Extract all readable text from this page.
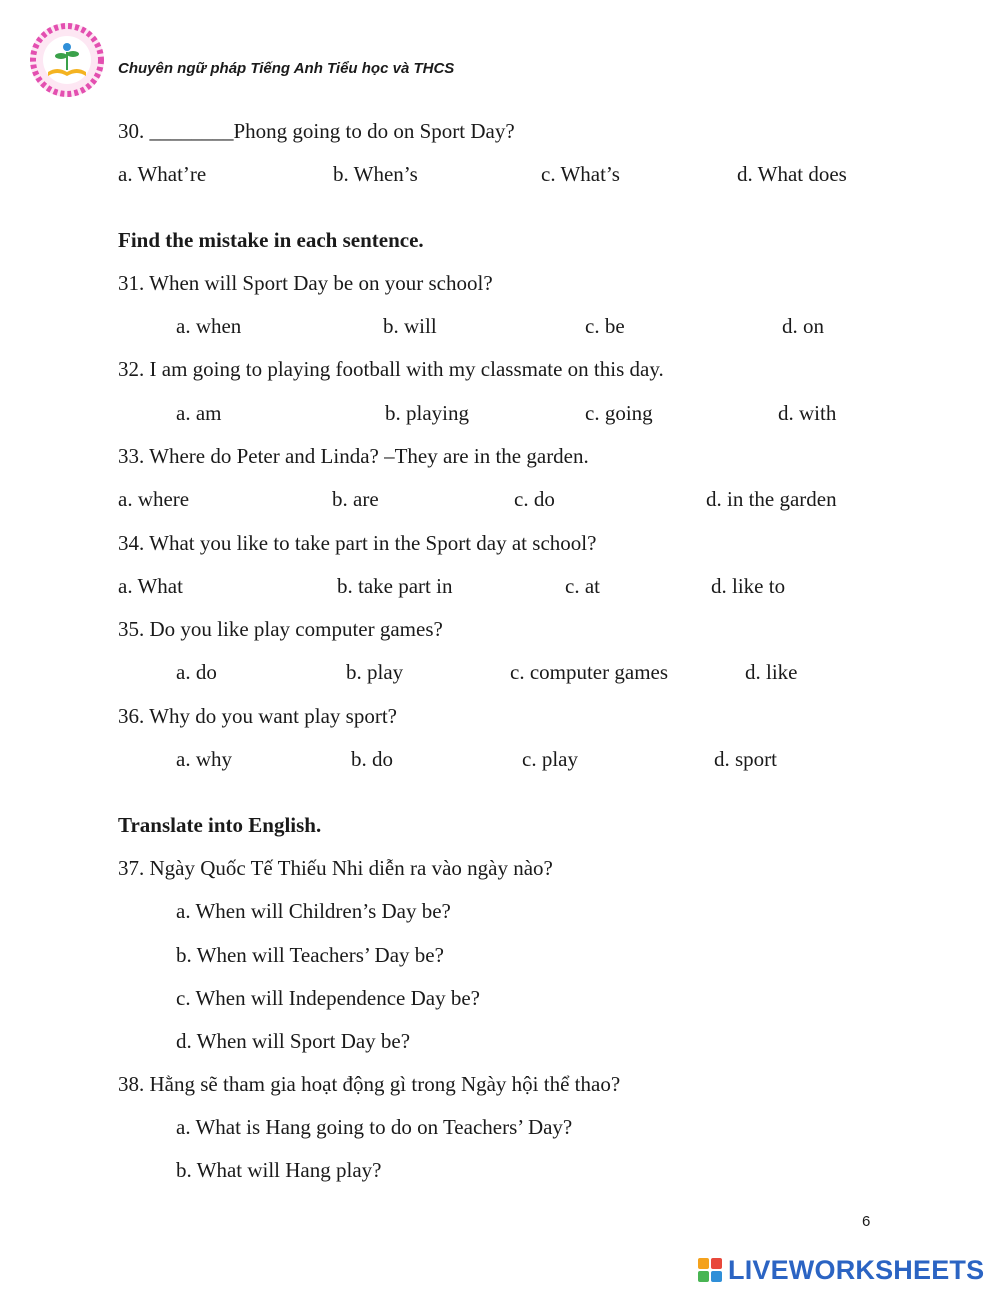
Chuyên ngữ pháp Tiếng Anh Tiểu học và THCS
30. ________Phong going to do on Sport Day?
a. What’re	b. When’s	c. What’s	d. What does
Find the mistake in each sentence.
31. When will Sport Day be on your school?
a. when	b. will	c. be	d. on
32. I am going to playing football with my classmate on this day.
a. am	b. playing	c. going	d. with
33. Where do Peter and Linda? –They are in the garden.
a. where	b. are	c. do	d. in the garden
34. What you like to take part in the Sport day at school?
a. What	b. take part in	c. at	d. like to
35. Do you like play computer games?
a. do	b. play	c. computer games	d. like
36. Why do you want play sport?
a. why	b. do	c. play	d. sport
Translate into English.
37. Ngày Quốc Tế Thiếu Nhi diễn ra vào ngày nào?
a. When will Children’s Day be?
b. When will Teachers’ Day be?
c. When will Independence Day be?
d. When will Sport Day be?
38. Hằng sẽ tham gia hoạt động gì trong Ngày hội thể thao?
a. What is Hang going to do on Teachers’ Day?
b. What will Hang play?
6
LIVEWORKSHEETS
